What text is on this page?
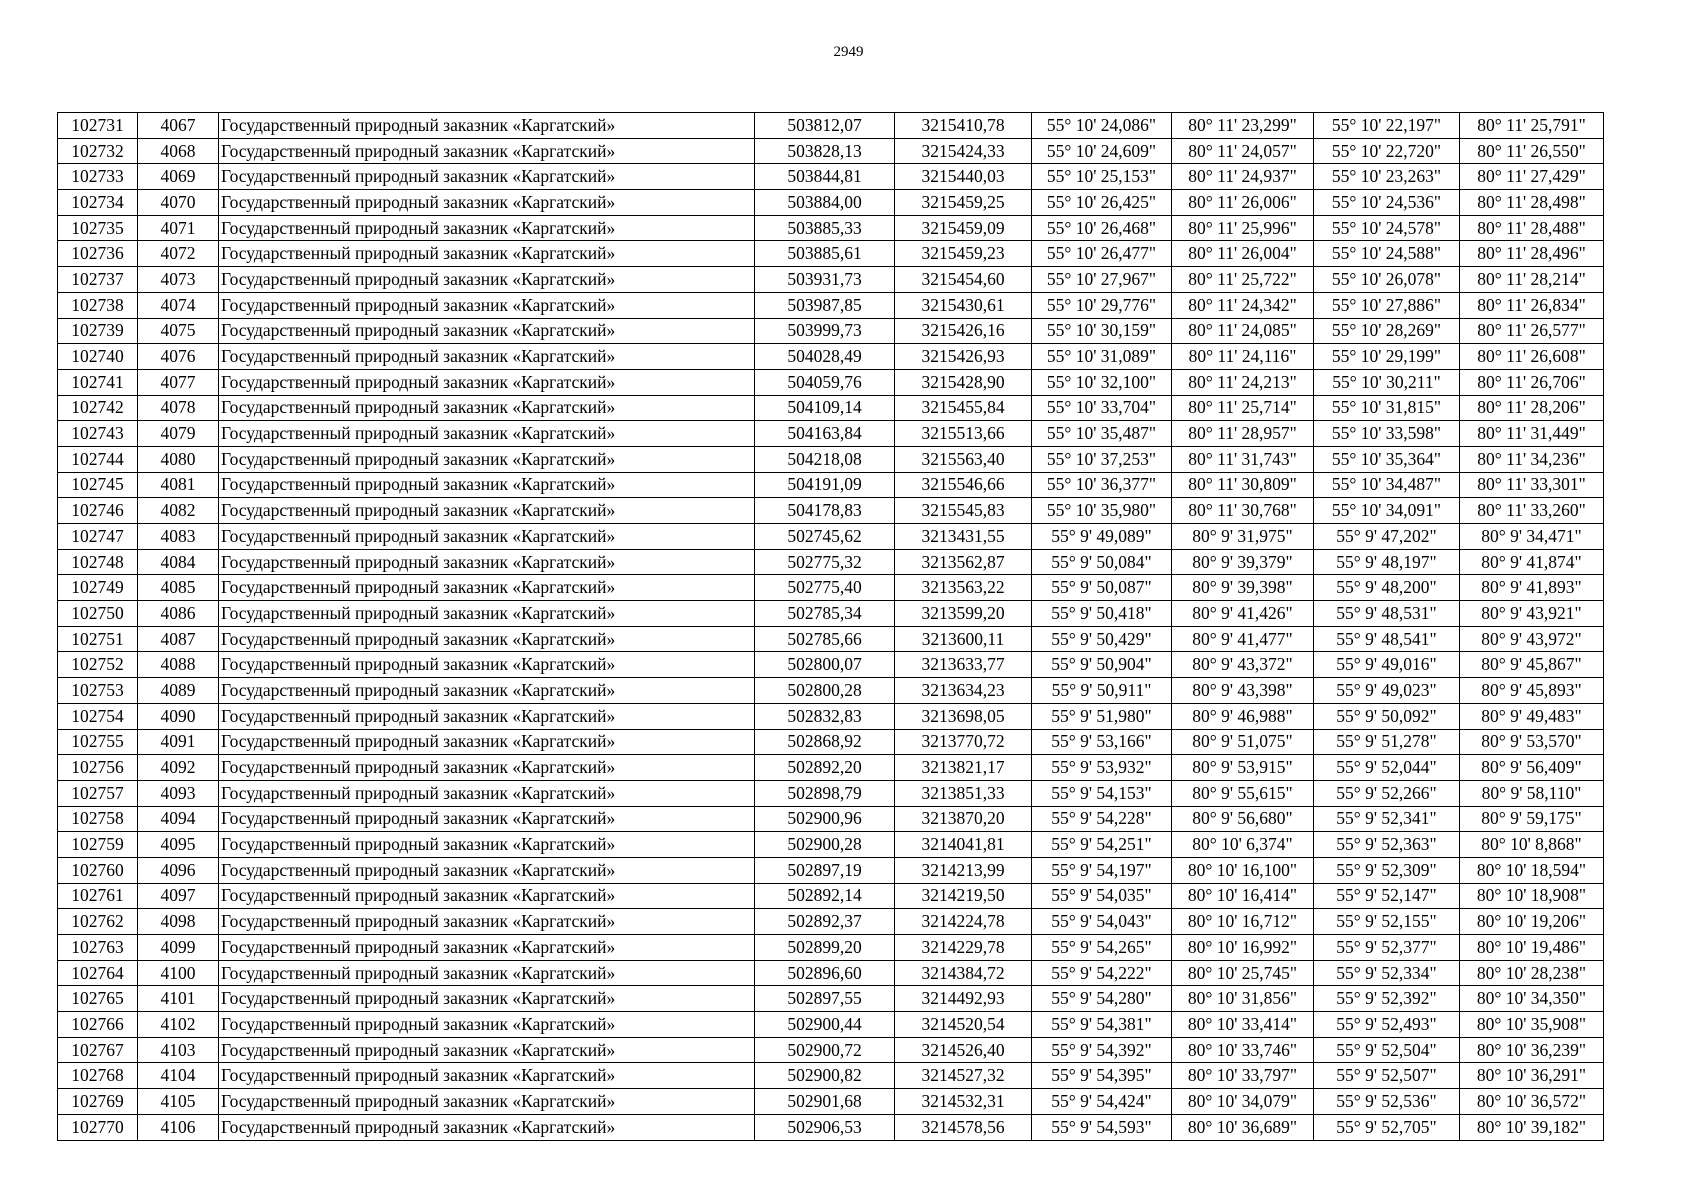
2949
102731	4067	Государственный природный заказник «Каргатский»	503812,07	3215410,78	55° 10' 24,086"	80° 11' 23,299"	55° 10' 22,197"	80° 11' 25,791"
102732	4068	Государственный природный заказник «Каргатский»	503828,13	3215424,33	55° 10' 24,609"	80° 11' 24,057"	55° 10' 22,720"	80° 11' 26,550"
102733	4069	Государственный природный заказник «Каргатский»	503844,81	3215440,03	55° 10' 25,153"	80° 11' 24,937"	55° 10' 23,263"	80° 11' 27,429"
102734	4070	Государственный природный заказник «Каргатский»	503884,00	3215459,25	55° 10' 26,425"	80° 11' 26,006"	55° 10' 24,536"	80° 11' 28,498"
102735	4071	Государственный природный заказник «Каргатский»	503885,33	3215459,09	55° 10' 26,468"	80° 11' 25,996"	55° 10' 24,578"	80° 11' 28,488"
102736	4072	Государственный природный заказник «Каргатский»	503885,61	3215459,23	55° 10' 26,477"	80° 11' 26,004"	55° 10' 24,588"	80° 11' 28,496"
102737	4073	Государственный природный заказник «Каргатский»	503931,73	3215454,60	55° 10' 27,967"	80° 11' 25,722"	55° 10' 26,078"	80° 11' 28,214"
102738	4074	Государственный природный заказник «Каргатский»	503987,85	3215430,61	55° 10' 29,776"	80° 11' 24,342"	55° 10' 27,886"	80° 11' 26,834"
102739	4075	Государственный природный заказник «Каргатский»	503999,73	3215426,16	55° 10' 30,159"	80° 11' 24,085"	55° 10' 28,269"	80° 11' 26,577"
102740	4076	Государственный природный заказник «Каргатский»	504028,49	3215426,93	55° 10' 31,089"	80° 11' 24,116"	55° 10' 29,199"	80° 11' 26,608"
102741	4077	Государственный природный заказник «Каргатский»	504059,76	3215428,90	55° 10' 32,100"	80° 11' 24,213"	55° 10' 30,211"	80° 11' 26,706"
102742	4078	Государственный природный заказник «Каргатский»	504109,14	3215455,84	55° 10' 33,704"	80° 11' 25,714"	55° 10' 31,815"	80° 11' 28,206"
102743	4079	Государственный природный заказник «Каргатский»	504163,84	3215513,66	55° 10' 35,487"	80° 11' 28,957"	55° 10' 33,598"	80° 11' 31,449"
102744	4080	Государственный природный заказник «Каргатский»	504218,08	3215563,40	55° 10' 37,253"	80° 11' 31,743"	55° 10' 35,364"	80° 11' 34,236"
102745	4081	Государственный природный заказник «Каргатский»	504191,09	3215546,66	55° 10' 36,377"	80° 11' 30,809"	55° 10' 34,487"	80° 11' 33,301"
102746	4082	Государственный природный заказник «Каргатский»	504178,83	3215545,83	55° 10' 35,980"	80° 11' 30,768"	55° 10' 34,091"	80° 11' 33,260"
102747	4083	Государственный природный заказник «Каргатский»	502745,62	3213431,55	55° 9' 49,089"	80° 9' 31,975"	55° 9' 47,202"	80° 9' 34,471"
102748	4084	Государственный природный заказник «Каргатский»	502775,32	3213562,87	55° 9' 50,084"	80° 9' 39,379"	55° 9' 48,197"	80° 9' 41,874"
102749	4085	Государственный природный заказник «Каргатский»	502775,40	3213563,22	55° 9' 50,087"	80° 9' 39,398"	55° 9' 48,200"	80° 9' 41,893"
102750	4086	Государственный природный заказник «Каргатский»	502785,34	3213599,20	55° 9' 50,418"	80° 9' 41,426"	55° 9' 48,531"	80° 9' 43,921"
102751	4087	Государственный природный заказник «Каргатский»	502785,66	3213600,11	55° 9' 50,429"	80° 9' 41,477"	55° 9' 48,541"	80° 9' 43,972"
102752	4088	Государственный природный заказник «Каргатский»	502800,07	3213633,77	55° 9' 50,904"	80° 9' 43,372"	55° 9' 49,016"	80° 9' 45,867"
102753	4089	Государственный природный заказник «Каргатский»	502800,28	3213634,23	55° 9' 50,911"	80° 9' 43,398"	55° 9' 49,023"	80° 9' 45,893"
102754	4090	Государственный природный заказник «Каргатский»	502832,83	3213698,05	55° 9' 51,980"	80° 9' 46,988"	55° 9' 50,092"	80° 9' 49,483"
102755	4091	Государственный природный заказник «Каргатский»	502868,92	3213770,72	55° 9' 53,166"	80° 9' 51,075"	55° 9' 51,278"	80° 9' 53,570"
102756	4092	Государственный природный заказник «Каргатский»	502892,20	3213821,17	55° 9' 53,932"	80° 9' 53,915"	55° 9' 52,044"	80° 9' 56,409"
102757	4093	Государственный природный заказник «Каргатский»	502898,79	3213851,33	55° 9' 54,153"	80° 9' 55,615"	55° 9' 52,266"	80° 9' 58,110"
102758	4094	Государственный природный заказник «Каргатский»	502900,96	3213870,20	55° 9' 54,228"	80° 9' 56,680"	55° 9' 52,341"	80° 9' 59,175"
102759	4095	Государственный природный заказник «Каргатский»	502900,28	3214041,81	55° 9' 54,251"	80° 10' 6,374"	55° 9' 52,363"	80° 10' 8,868"
102760	4096	Государственный природный заказник «Каргатский»	502897,19	3214213,99	55° 9' 54,197"	80° 10' 16,100"	55° 9' 52,309"	80° 10' 18,594"
102761	4097	Государственный природный заказник «Каргатский»	502892,14	3214219,50	55° 9' 54,035"	80° 10' 16,414"	55° 9' 52,147"	80° 10' 18,908"
102762	4098	Государственный природный заказник «Каргатский»	502892,37	3214224,78	55° 9' 54,043"	80° 10' 16,712"	55° 9' 52,155"	80° 10' 19,206"
102763	4099	Государственный природный заказник «Каргатский»	502899,20	3214229,78	55° 9' 54,265"	80° 10' 16,992"	55° 9' 52,377"	80° 10' 19,486"
102764	4100	Государственный природный заказник «Каргатский»	502896,60	3214384,72	55° 9' 54,222"	80° 10' 25,745"	55° 9' 52,334"	80° 10' 28,238"
102765	4101	Государственный природный заказник «Каргатский»	502897,55	3214492,93	55° 9' 54,280"	80° 10' 31,856"	55° 9' 52,392"	80° 10' 34,350"
102766	4102	Государственный природный заказник «Каргатский»	502900,44	3214520,54	55° 9' 54,381"	80° 10' 33,414"	55° 9' 52,493"	80° 10' 35,908"
102767	4103	Государственный природный заказник «Каргатский»	502900,72	3214526,40	55° 9' 54,392"	80° 10' 33,746"	55° 9' 52,504"	80° 10' 36,239"
102768	4104	Государственный природный заказник «Каргатский»	502900,82	3214527,32	55° 9' 54,395"	80° 10' 33,797"	55° 9' 52,507"	80° 10' 36,291"
102769	4105	Государственный природный заказник «Каргатский»	502901,68	3214532,31	55° 9' 54,424"	80° 10' 34,079"	55° 9' 52,536"	80° 10' 36,572"
102770	4106	Государственный природный заказник «Каргатский»	502906,53	3214578,56	55° 9' 54,593"	80° 10' 36,689"	55° 9' 52,705"	80° 10' 39,182"
